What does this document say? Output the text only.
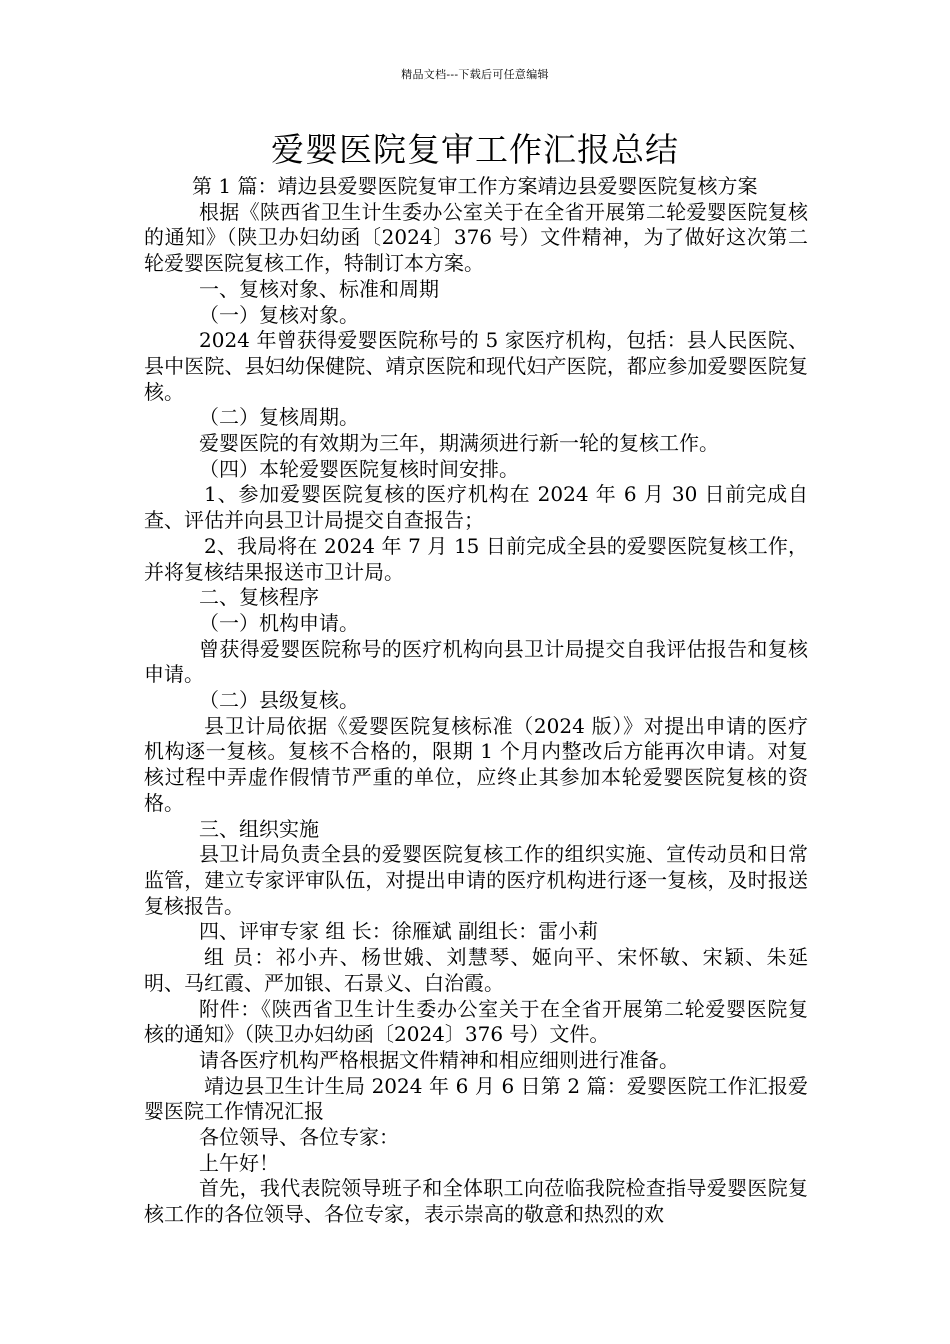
精品文档---下载后可任意编辑
爱婴医院复审工作汇报总结

第 1 篇：靖边县爱婴医院复审工作方案靖边县爱婴医院复核方案

根据《陕西省卫生计生委办公室关于在全省开展第二轮爱婴医院复核的通知》（陕卫办妇幼函〔2024〕376 号）文件精神，为了做好这次第二轮爱婴医院复核工作，特制订本方案。

一、复核对象、标准和周期

（一）复核对象。

2024 年曾获得爱婴医院称号的 5 家医疗机构，包括：县人民医院、县中医院、县妇幼保健院、靖京医院和现代妇产医院，都应参加爱婴医院复核。

（二）复核周期。

爱婴医院的有效期为三年，期满须进行新一轮的复核工作。

（四）本轮爱婴医院复核时间安排。

1、参加爱婴医院复核的医疗机构在 2024 年 6 月 30 日前完成自查、评估并向县卫计局提交自查报告；

2、我局将在 2024 年 7 月 15 日前完成全县的爱婴医院复核工作，并将复核结果报送市卫计局。

二、复核程序

（一）机构申请。

曾获得爱婴医院称号的医疗机构向县卫计局提交自我评估报告和复核申请。

（二）县级复核。

县卫计局依据《爱婴医院复核标准（2024 版）》对提出申请的医疗机构逐一复核。复核不合格的，限期 1 个月内整改后方能再次申请。对复核过程中弄虚作假情节严重的单位，应终止其参加本轮爱婴医院复核的资格。

三、组织实施

县卫计局负责全县的爱婴医院复核工作的组织实施、宣传动员和日常监管，建立专家评审队伍，对提出申请的医疗机构进行逐一复核，及时报送复核报告。

四、评审专家 组 长：徐雁斌 副组长：雷小莉

组 员：祁小卉、杨世娥、刘慧琴、姬向平、宋怀敏、宋颖、朱延明、马红霞、严加银、石景义、白治霞。

附件：《陕西省卫生计生委办公室关于在全省开展第二轮爱婴医院复核的通知》（陕卫办妇幼函〔2024〕376 号）文件。

请各医疗机构严格根据文件精神和相应细则进行准备。

靖边县卫生计生局 2024 年 6 月 6 日第 2 篇：爱婴医院工作汇报爱婴医院工作情况汇报

各位领导、各位专家：

上午好！

首先，我代表院领导班子和全体职工向莅临我院检查指导爱婴医院复核工作的各位领导、各位专家，表示崇高的敬意和热烈的欢
